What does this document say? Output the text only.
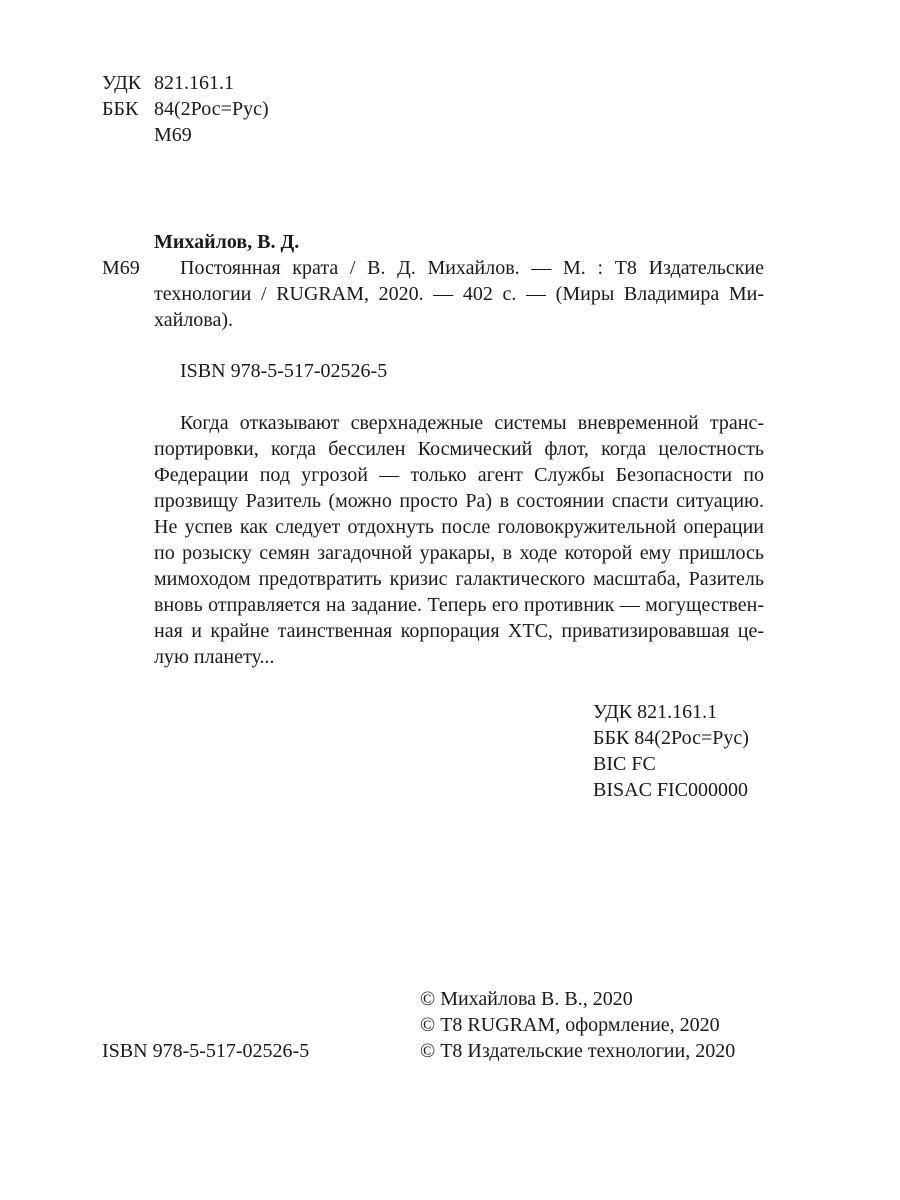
УДК 821.161.1
ББК 84(2Рос=Рус)
М69
Михайлов, В. Д.
М69	Постоянная крата / В. Д. Михайлов. — М. : Т8 Издательские
технологии / RUGRAM, 2020. — 402 с. — (Миры Владимира Ми-
хайлова).
ISBN 978-5-517-02526-5
Когда отказывают сверхнадежные системы вневременной транс-
портировки, когда бессилен Космический флот, когда целостность
Федерации под угрозой — только агент Службы Безопасности по
прозвищу Разитель (можно просто Ра) в состоянии спасти ситуацию.
Не успев как следует отдохнуть после головокружительной операции
по розыску семян загадочной уракары, в ходе которой ему пришлось
мимоходом предотвратить кризис галактического масштаба, Разитель
вновь отправляется на задание. Теперь его противник — могуществен-
ная и крайне таинственная корпорация XTC, приватизировавшая це-
лую планету...
УДК 821.161.1
ББК 84(2Рос=Рус)
BIC FC
BISAC FIC000000
© Михайлова В. В., 2020
© Т8 RUGRAM, оформление, 2020
© Т8 Издательские технологии, 2020
ISBN 978-5-517-02526-5
